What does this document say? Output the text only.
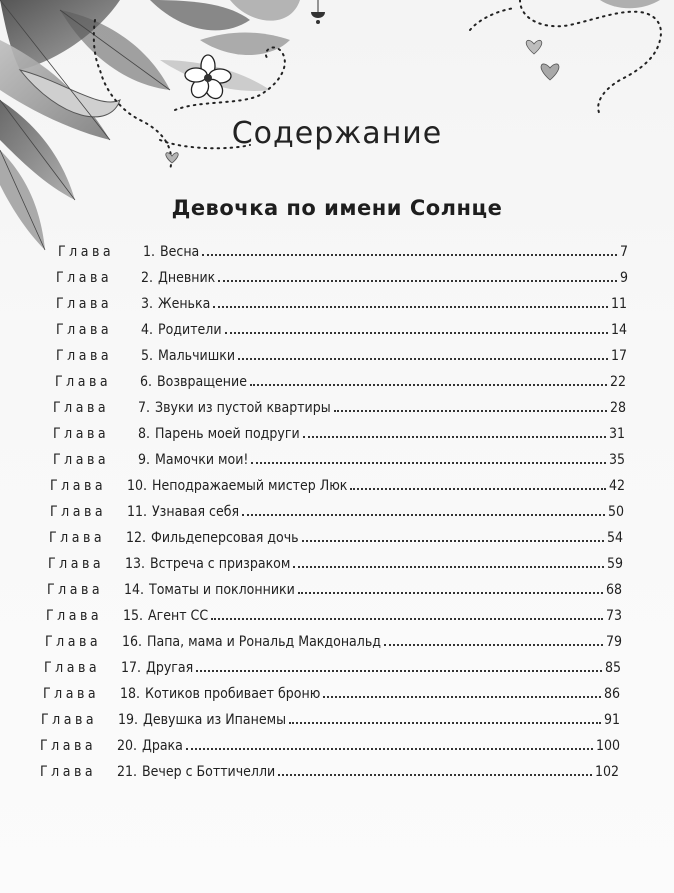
Содержание
Девочка по имени Солнце
Глава	1. Весна	7
Глава	2. Дневник	9
Глава	3. Женька	11
Глава	4. Родители	14
Глава	5. Мальчишки	17
Глава	6. Возвращение	22
Глава	7. Звуки из пустой квартиры	28
Глава	8. Парень моей подруги	31
Глава	9. Мамочки мои!	35
Глава	10. Неподражаемый мистер Люк	42
Глава	11. Узнавая себя	50
Глава	12. Фильдеперсовая дочь	54
Глава	13. Встреча с призраком	59
Глава	14. Томаты и поклонники	68
Глава	15. Агент СС	73
Глава	16. Папа, мама и Рональд Макдональд	79
Глава	17. Другая	85
Глава	18. Котиков пробивает броню	86
Глава	19. Девушка из Ипанемы	91
Глава	20. Драка	100
Глава	21. Вечер с Боттичелли	102
